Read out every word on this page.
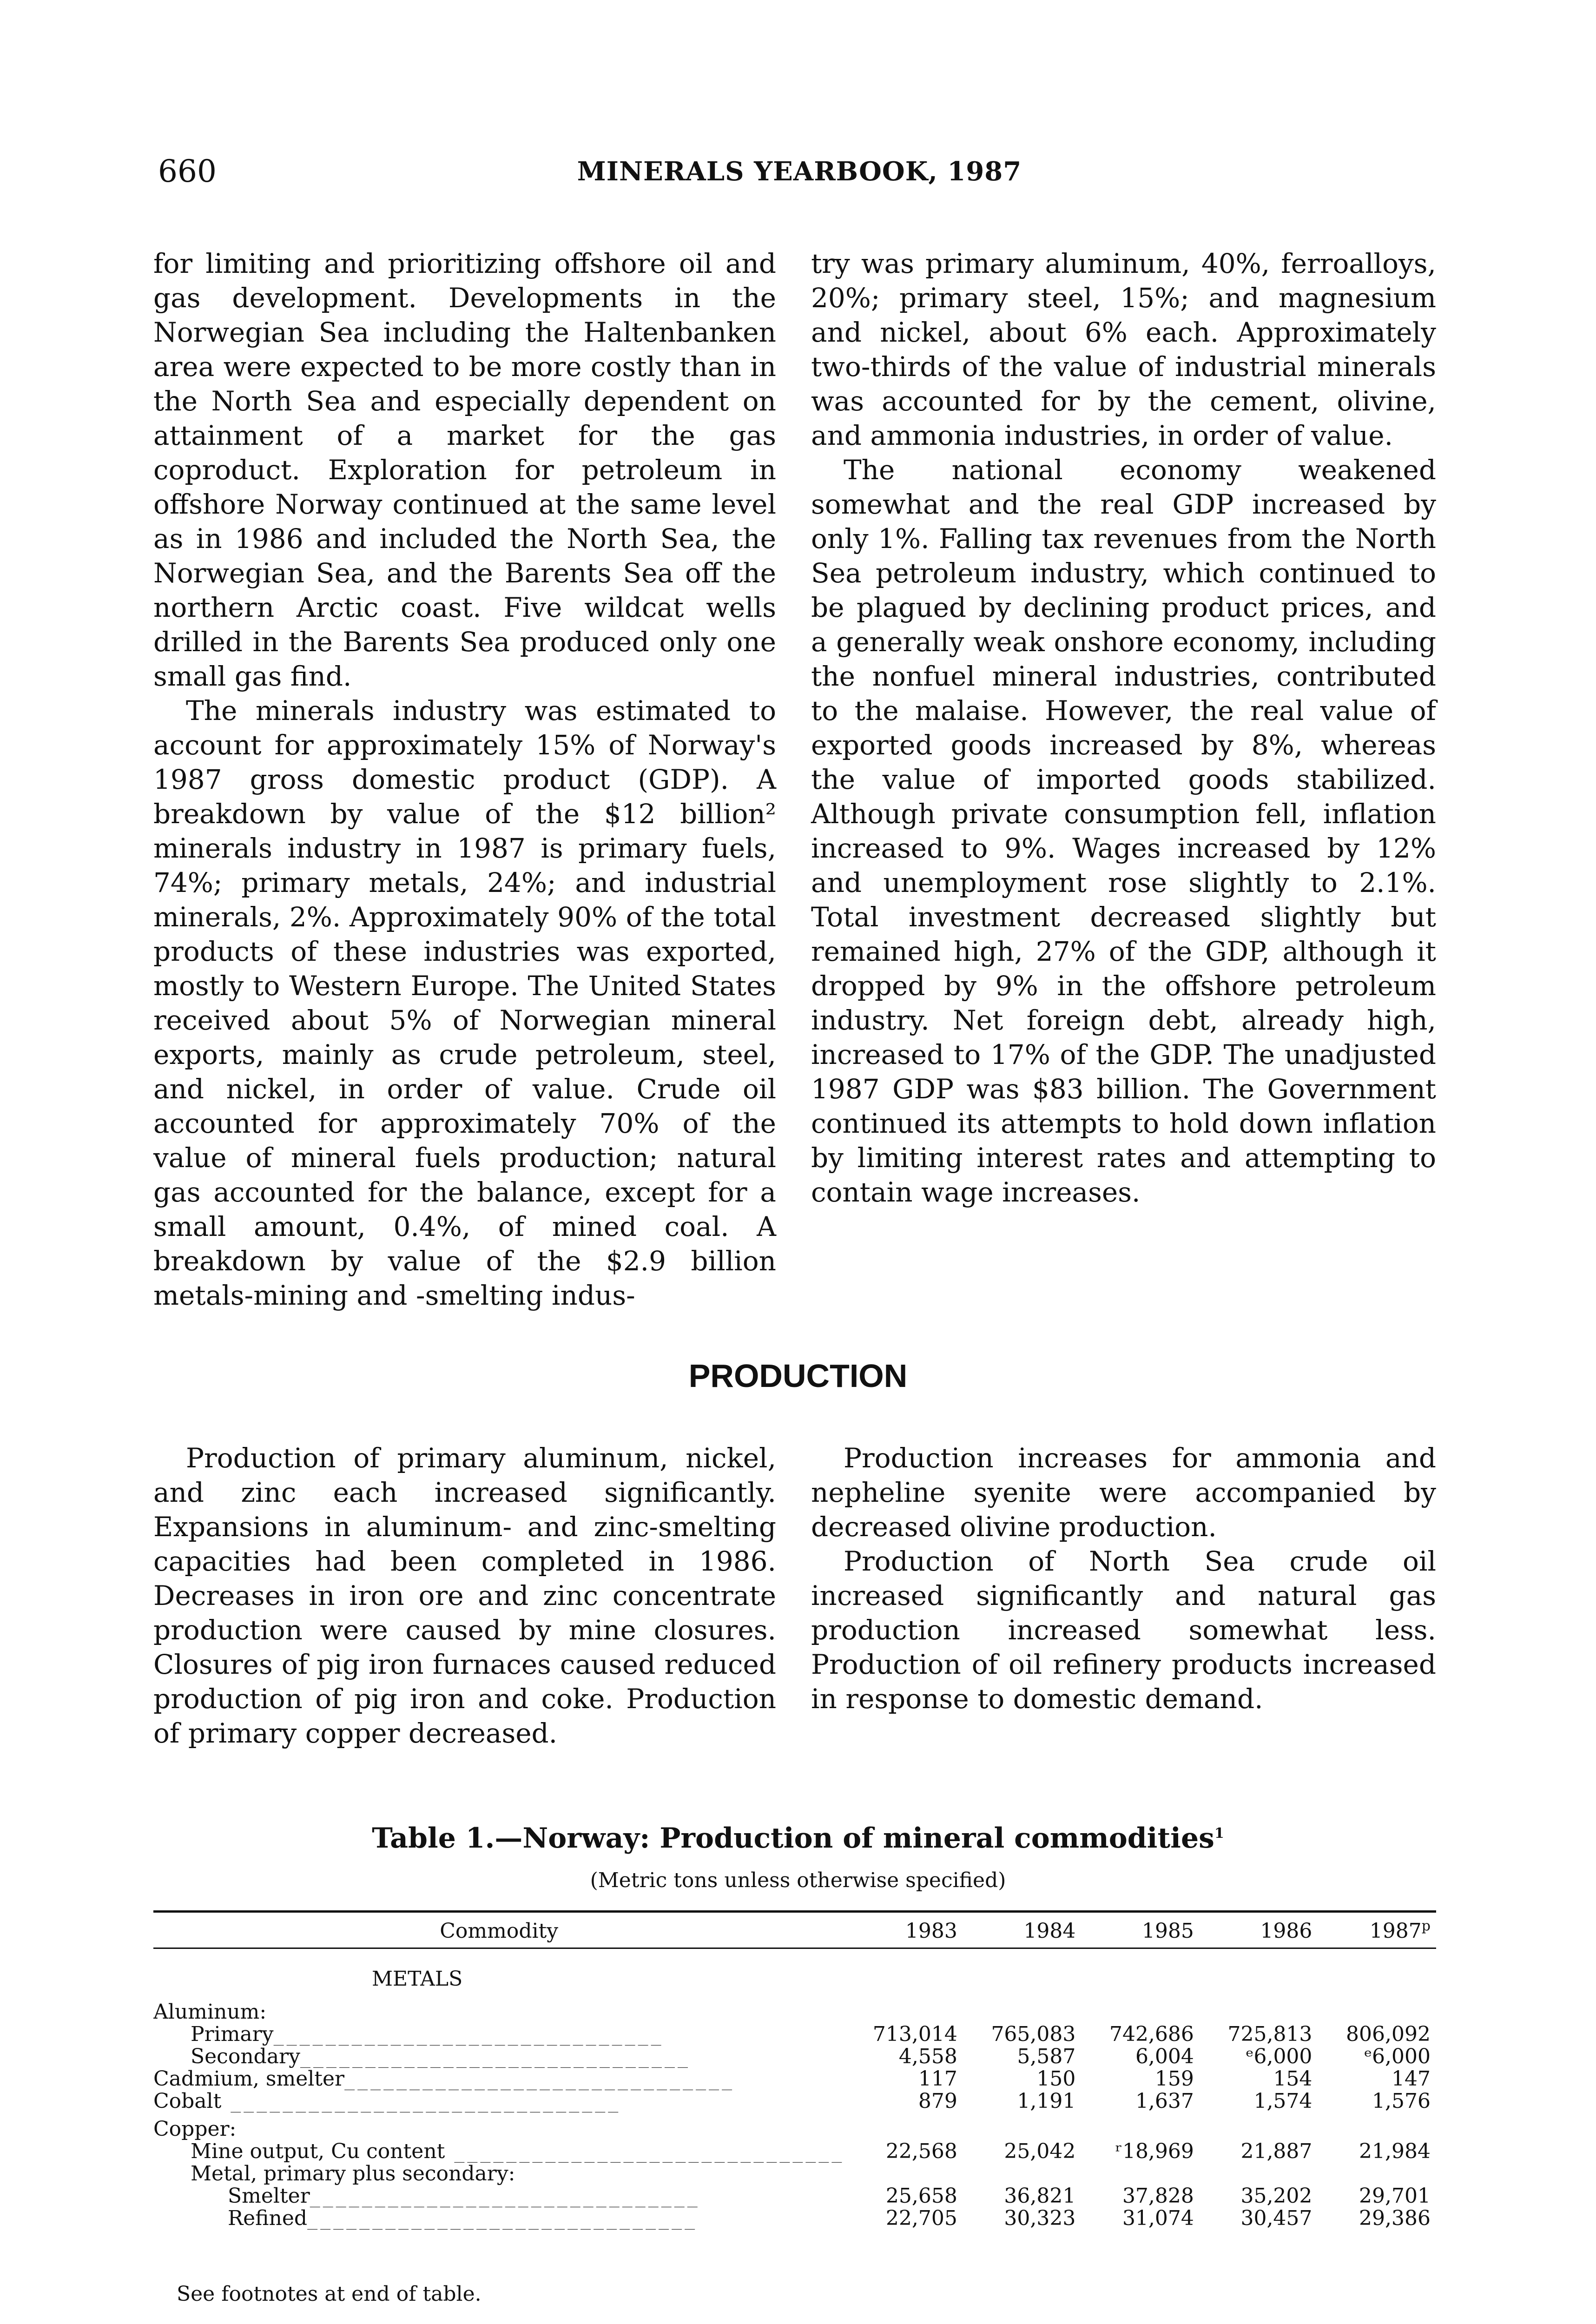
660	MINERALS YEARBOOK, 1987

for limiting and prioritizing offshore oil and gas development. Developments in the Norwegian Sea including the Haltenbanken area were expected to be more costly than in the North Sea and especially dependent on attainment of a market for the gas coproduct. Exploration for petroleum in offshore Norway continued at the same level as in 1986 and included the North Sea, the Norwegian Sea, and the Barents Sea off the northern Arctic coast. Five wildcat wells drilled in the Barents Sea produced only one small gas find.

The minerals industry was estimated to account for approximately 15% of Norway's 1987 gross domestic product (GDP). A breakdown by value of the $12 billion² minerals industry in 1987 is primary fuels, 74%; primary metals, 24%; and industrial minerals, 2%. Approximately 90% of the total products of these industries was exported, mostly to Western Europe. The United States received about 5% of Norwegian mineral exports, mainly as crude petroleum, steel, and nickel, in order of value. Crude oil accounted for approximately 70% of the value of mineral fuels production; natural gas accounted for the balance, except for a small amount, 0.4%, of mined coal. A breakdown by value of the $2.9 billion metals-mining and -smelting indus-

try was primary aluminum, 40%, ferroalloys, 20%; primary steel, 15%; and magnesium and nickel, about 6% each. Approximately two-thirds of the value of industrial minerals was accounted for by the cement, olivine, and ammonia industries, in order of value.

The national economy weakened somewhat and the real GDP increased by only 1%. Falling tax revenues from the North Sea petroleum industry, which continued to be plagued by declining product prices, and a generally weak onshore economy, including the nonfuel mineral industries, contributed to the malaise. However, the real value of exported goods increased by 8%, whereas the value of imported goods stabilized. Although private consumption fell, inflation increased to 9%. Wages increased by 12% and unemployment rose slightly to 2.1%. Total investment decreased slightly but remained high, 27% of the GDP, although it dropped by 9% in the offshore petroleum industry. Net foreign debt, already high, increased to 17% of the GDP. The unadjusted 1987 GDP was $83 billion. The Government continued its attempts to hold down inflation by limiting interest rates and attempting to contain wage increases.

PRODUCTION

Production of primary aluminum, nickel, and zinc each increased significantly. Expansions in aluminum- and zinc-smelting capacities had been completed in 1986. Decreases in iron ore and zinc concentrate production were caused by mine closures. Closures of pig iron furnaces caused reduced production of pig iron and coke. Production of primary copper decreased.

Production increases for ammonia and nepheline syenite were accompanied by decreased olivine production.

Production of North Sea crude oil increased significantly and natural gas production increased somewhat less. Production of oil refinery products increased in response to domestic demand.

Table 1.—Norway: Production of mineral commodities$^1$
(Metric tons unless otherwise specified)
Commodity	1983	1984	1985	1986	1987$^p$
METALS					
Aluminum:					
Primary______________________________	713,014	765,083	742,686	725,813	806,092
Secondary______________________________	4,558	5,587	6,004	ᵉ6,000	ᵉ6,000
Cadmium, smelter______________________________	117	150	159	154	147
Cobalt ______________________________	879	1,191	1,637	1,574	1,576
Copper:					
Mine output, Cu content ______________________________	22,568	25,042	ʳ18,969	21,887	21,984
Metal, primary plus secondary:					
Smelter______________________________	25,658	36,821	37,828	35,202	29,701
Refined______________________________	22,705	30,323	31,074	30,457	29,386
See footnotes at end of table.
